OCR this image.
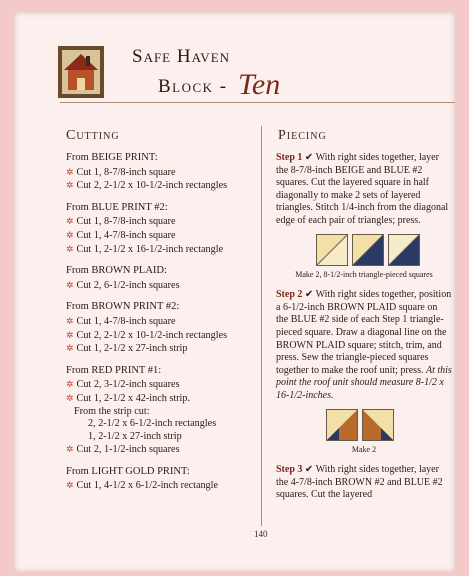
Safe Haven
Block - Ten
Cutting	Piecing
From BEIGE PRINT:
✲ Cut 1, 8-7/8-inch square
✲ Cut 2, 2-1/2 x 10-1/2-inch rectangles
From BLUE PRINT #2:
✲ Cut 1, 8-7/8-inch square
✲ Cut 1, 4-7/8-inch square
✲ Cut 1, 2-1/2 x 16-1/2-inch rectangle
From BROWN PLAID:
✲ Cut 2, 6-1/2-inch squares
From BROWN PRINT #2:
✲ Cut 1, 4-7/8-inch square
✲ Cut 2, 2-1/2 x 10-1/2-inch rectangles
✲ Cut 1, 2-1/2 x 27-inch strip
From RED PRINT #1:
✲ Cut 2, 3-1/2-inch squares
✲ Cut 1, 2-1/2 x 42-inch strip.
From the strip cut:
2, 2-1/2 x 6-1/2-inch rectangles
1, 2-1/2 x 27-inch strip
✲ Cut 2, 1-1/2-inch squares
From LIGHT GOLD PRINT:
✲ Cut 1, 4-1/2 x 6-1/2-inch rectangle
Step 1 ✔ With right sides together, layer the 8-7/8-inch BEIGE and BLUE #2 squares. Cut the layered square in half diagonally to make 2 sets of layered triangles. Stitch 1/4-inch from the diagonal edge of each pair of triangles; press.
Make 2, 8-1/2-inch triangle-pieced squares
Step 2 ✔ With right sides together, position a 6-1/2-inch BROWN PLAID square on the BLUE #2 side of each Step 1 triangle-pieced square. Draw a diagonal line on the BROWN PLAID square; stitch, trim, and press. Sew the triangle-pieced squares together to make the roof unit; press. At this point the roof unit should measure 8-1/2 x 16-1/2-inches.
Make 2
Step 3 ✔ With right sides together, layer the 4-7/8-inch BROWN #2 and BLUE #2 squares. Cut the layered
140
